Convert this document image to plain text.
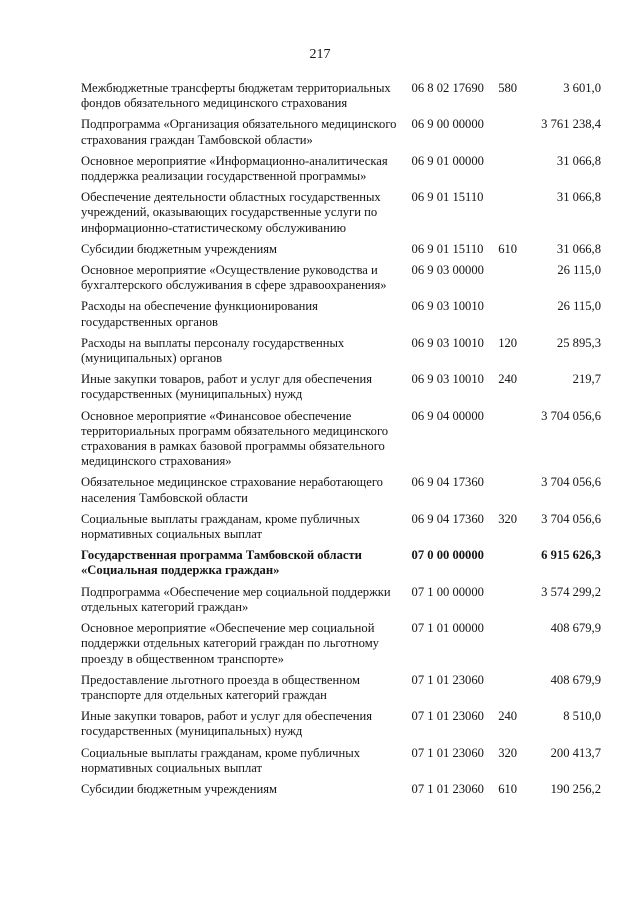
217
Межбюджетные трансферты бюджетам территориальных фондов обязательного медицинского страхования	06 8 02 17690	580	3 601,0

Подпрограмма «Организация обязательного медицинского страхования граждан Тамбовской области»	06 9 00 00000		3 761 238,4

Основное мероприятие «Информационно-аналитическая поддержка реализации государственной программы»	06 9 01 00000		31 066,8

Обеспечение деятельности областных государственных учреждений, оказывающих государственные услуги по информационно-статистическому обслуживанию	06 9 01 15110		31 066,8

Субсидии бюджетным учреждениям	06 9 01 15110	610	31 066,8

Основное мероприятие «Осуществление руководства и бухгалтерского обслуживания в сфере здравоохранения»	06 9 03 00000		26 115,0

Расходы на обеспечение функционирования государственных органов	06 9 03 10010		26 115,0

Расходы на выплаты персоналу государственных (муниципальных) органов	06 9 03 10010	120	25 895,3

Иные закупки товаров, работ и услуг для обеспечения государственных (муниципальных) нужд	06 9 03 10010	240	219,7

Основное мероприятие «Финансовое обеспечение территориальных программ обязательного медицинского страхования в рамках базовой программы обязательного медицинского страхования»	06 9 04 00000		3 704 056,6

Обязательное медицинское страхование неработающего населения Тамбовской области	06 9 04 17360		3 704 056,6

Социальные выплаты гражданам, кроме публичных нормативных социальных выплат	06 9 04 17360	320	3 704 056,6

Государственная программа Тамбовской области «Социальная поддержка граждан»	07 0 00 00000		6 915 626,3

Подпрограмма «Обеспечение мер социальной поддержки отдельных категорий граждан»	07 1 00 00000		3 574 299,2

Основное мероприятие «Обеспечение мер социальной поддержки отдельных категорий граждан по льготному проезду в общественном транспорте»	07 1 01 00000		408 679,9

Предоставление льготного проезда в общественном транспорте для отдельных категорий граждан	07 1 01 23060		408 679,9

Иные закупки товаров, работ и услуг для обеспечения государственных (муниципальных) нужд	07 1 01 23060	240	8 510,0

Социальные выплаты гражданам, кроме публичных нормативных социальных выплат	07 1 01 23060	320	200 413,7

Субсидии бюджетным учреждениям	07 1 01 23060	610	190 256,2
